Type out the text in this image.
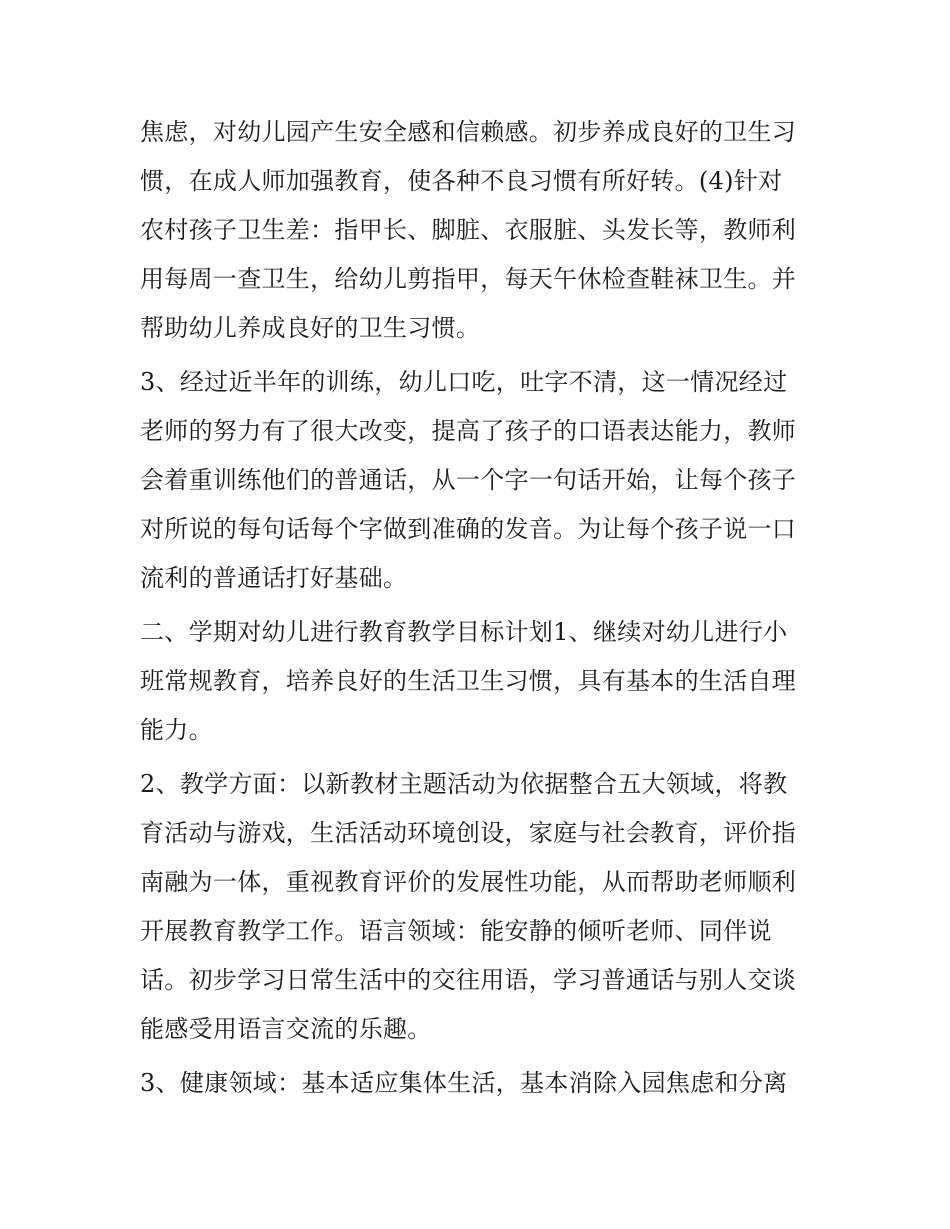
焦虑，对幼儿园产生安全感和信赖感。初步养成良好的卫生习
惯，在成人师加强教育，使各种不良习惯有所好转。(4)针对
农村孩子卫生差：指甲长、脚脏、衣服脏、头发长等，教师利
用每周一查卫生，给幼儿剪指甲，每天午休检查鞋袜卫生。并
帮助幼儿养成良好的卫生习惯。
3、经过近半年的训练，幼儿口吃，吐字不清，这一情况经过
老师的努力有了很大改变，提高了孩子的口语表达能力，教师
会着重训练他们的普通话，从一个字一句话开始，让每个孩子
对所说的每句话每个字做到准确的发音。为让每个孩子说一口
流利的普通话打好基础。
二、学期对幼儿进行教育教学目标计划1、继续对幼儿进行小
班常规教育，培养良好的生活卫生习惯，具有基本的生活自理
能力。
2、教学方面：以新教材主题活动为依据整合五大领域，将教
育活动与游戏，生活活动环境创设，家庭与社会教育，评价指
南融为一体，重视教育评价的发展性功能，从而帮助老师顺利
开展教育教学工作。语言领域：能安静的倾听老师、同伴说
话。初步学习日常生活中的交往用语，学习普通话与别人交谈
能感受用语言交流的乐趣。
3、健康领域：基本适应集体生活，基本消除入园焦虑和分离
